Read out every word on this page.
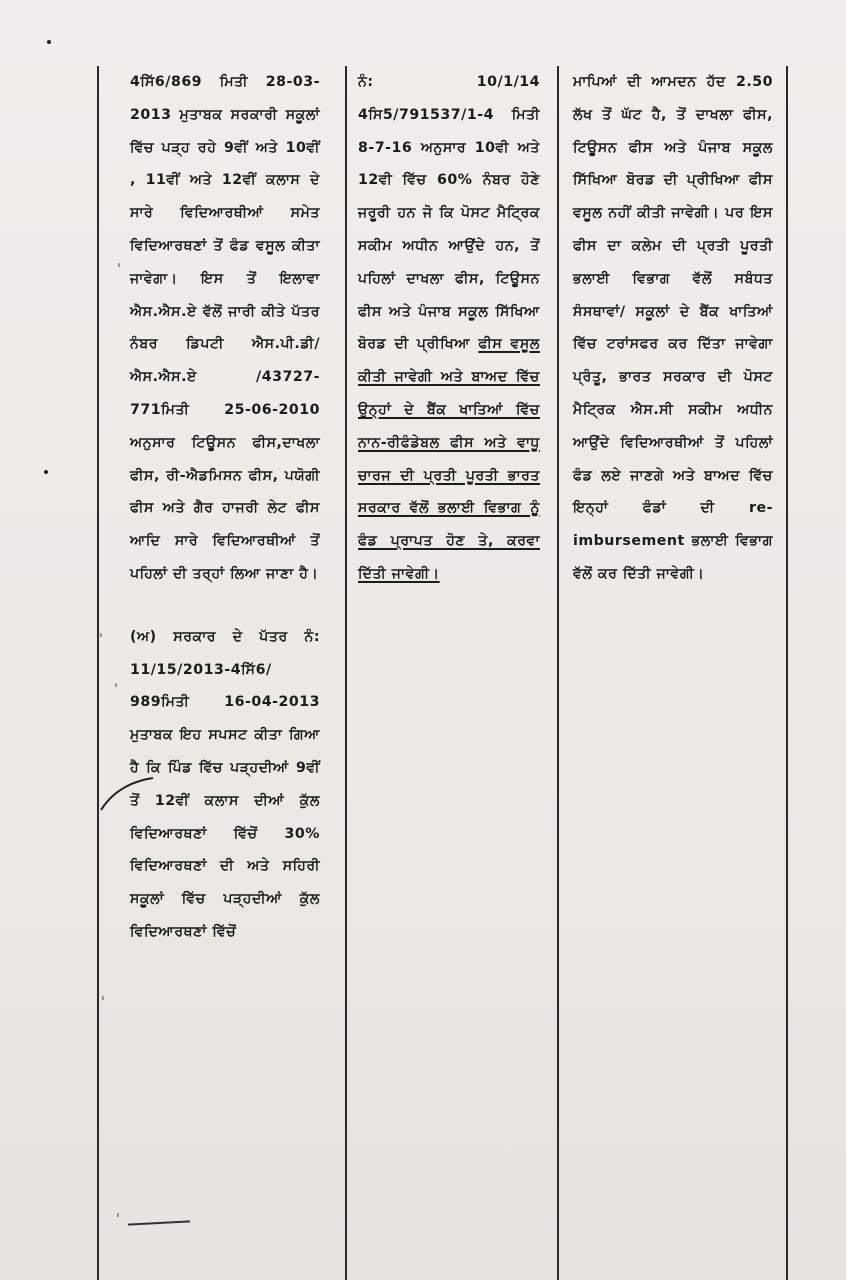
4ਸਿੱ6/869 ਮਿਤੀ 28-03-2013 ਮੁਤਾਬਕ ਸਰਕਾਰੀ ਸਕੂਲਾਂ ਵਿੱਚ ਪੜ੍ਹ ਰਹੇ 9ਵੀਂ ਅਤੇ 10ਵੀਂ , 11ਵੀਂ ਅਤੇ 12ਵੀਂ ਕਲਾਸ ਦੇ ਸਾਰੇ ਵਿਦਿਆਰਥੀਆਂ ਸਮੇਤ ਵਿਦਿਆਰਥਣਾਂ ਤੋਂ ਫੰਡ ਵਸੂਲ ਕੀਤਾ ਜਾਵੇਗਾ। ਇਸ ਤੋਂ ਇਲਾਵਾ ਐਸ.ਐਸ.ਏ ਵੱਲੋਂ ਜਾਰੀ ਕੀਤੇ ਪੱਤਰ ਨੰਬਰ ਡਿਪਟੀ ਐਸ.ਪੀ.ਡੀ/ ਐਸ.ਐਸ.ਏ /43727-771ਮਿਤੀ 25-06-2010 ਅਨੁਸਾਰ ਟਿਊਸਨ ਫੀਸ,ਦਾਖਲਾ ਫੀਸ, ਰੀ-ਐਡਮਿਸਨ ਫੀਸ, ਪਯੋਗੀ ਫੀਸ ਅਤੇ ਗੈਰ ਹਾਜਰੀ ਲੇਟ ਫੀਸ ਆਦਿ ਸਾਰੇ ਵਿਦਿਆਰਥੀਆਂ ਤੋਂ ਪਹਿਲਾਂ ਦੀ ਤਰ੍ਹਾਂ ਲਿਆ ਜਾਣਾ ਹੈ।

(ਅ) ਸਰਕਾਰ ਦੇ ਪੱਤਰ ਨੰ: 11/15/2013-4ਸਿੱ6/ 989ਮਿਤੀ 16-04-2013 ਮੁਤਾਬਕ ਇਹ ਸਪਸਟ ਕੀਤਾ ਗਿਆ ਹੈ ਕਿ ਪਿੰਡ ਵਿੱਚ ਪੜ੍ਹਦੀਆਂ 9ਵੀਂ ਤੋਂ 12ਵੀਂ ਕਲਾਸ ਦੀਆਂ ਕੁੱਲ ਵਿਦਿਆਰਥਣਾਂ ਵਿੱਚੋਂ 30% ਵਿਦਿਆਰਥਣਾਂ ਦੀ ਅਤੇ ਸਹਿਰੀ ਸਕੂਲਾਂ ਵਿੱਚ ਪੜ੍ਹਦੀਆਂ ਕੁੱਲ ਵਿਦਿਆਰਥਣਾਂ ਵਿੱਚੋਂ

ਨੰ: 10/1/14 4ਸਿ5/791537/1-4 ਮਿਤੀ 8-7-16 ਅਨੁਸਾਰ 10ਵੀ ਅਤੇ 12ਵੀ ਵਿੱਚ 60% ਨੰਬਰ ਹੋਣੇ ਜਰੂਰੀ ਹਨ ਜੋ ਕਿ ਪੋਸਟ ਮੈਟ੍ਰਿਕ ਸਕੀਮ ਅਧੀਨ ਆਉਂਦੇ ਹਨ, ਤੋਂ ਪਹਿਲਾਂ ਦਾਖਲਾ ਫੀਸ, ਟਿਊਸਨ ਫੀਸ ਅਤੇ ਪੰਜਾਬ ਸਕੂਲ ਸਿੱਖਿਆ ਬੋਰਡ ਦੀ ਪ੍ਰੀਖਿਆ ਫੀਸ ਵਸੂਲ ਕੀਤੀ ਜਾਵੇਗੀ ਅਤੇ ਬਾਅਦ ਵਿੱਚ ਉਨ੍ਹਾਂ ਦੇ ਬੈਂਕ ਖਾਤਿਆਂ ਵਿੱਚ ਨਾਨ-ਰੀਫੰਡੇਬਲ ਫੀਸ ਅਤੇ ਵਾਧੂ ਚਾਰਜ ਦੀ ਪ੍ਰਤੀ ਪੂਰਤੀ ਭਾਰਤ ਸਰਕਾਰ ਵੱਲੋਂ ਭਲਾਈ ਵਿਭਾਗ ਨੂੰ ਫੰਡ ਪ੍ਰਾਪਤ ਹੋਣ ਤੇ, ਕਰਵਾ ਦਿੱਤੀ ਜਾਵੇਗੀ।

ਮਾਪਿਆਂ ਦੀ ਆਮਦਨ ਹੱਦ 2.50 ਲੱਖ ਤੋਂ ਘੱਟ ਹੈ, ਤੋਂ ਦਾਖਲਾ ਫੀਸ, ਟਿਊਸਨ ਫੀਸ ਅਤੇ ਪੰਜਾਬ ਸਕੂਲ ਸਿੱਖਿਆ ਬੋਰਡ ਦੀ ਪ੍ਰੀਖਿਆ ਫੀਸ ਵਸੂਲ ਨਹੀਂ ਕੀਤੀ ਜਾਵੇਗੀ। ਪਰ ਇਸ ਫੀਸ ਦਾ ਕਲੇਮ ਦੀ ਪ੍ਰਤੀ ਪੂਰਤੀ ਭਲਾਈ ਵਿਭਾਗ ਵੱਲੋਂ ਸਬੰਧਤ ਸੰਸਥਾਵਾਂ/ ਸਕੂਲਾਂ ਦੇ ਬੈਂਕ ਖਾਤਿਆਂ ਵਿੱਚ ਟਰਾਂਸਫਰ ਕਰ ਦਿੱਤਾ ਜਾਵੇਗਾ ਪ੍ਰੰਤੂ, ਭਾਰਤ ਸਰਕਾਰ ਦੀ ਪੋਸਟ ਮੈਟ੍ਰਿਕ ਐਸ.ਸੀ ਸਕੀਮ ਅਧੀਨ ਆਉਂਦੇ ਵਿਦਿਆਰਥੀਆਂ ਤੋਂ ਪਹਿਲਾਂ ਫੰਡ ਲਏ ਜਾਣਗੇ ਅਤੇ ਬਾਅਦ ਵਿੱਚ ਇਨ੍ਹਾਂ ਫੰਡਾਂ ਦੀ re-imbursement ਭਲਾਈ ਵਿਭਾਗ ਵੱਲੋਂ ਕਰ ਦਿੱਤੀ ਜਾਵੇਗੀ।

ˈ
ˈ
ˈ
ˈ
ˈ
